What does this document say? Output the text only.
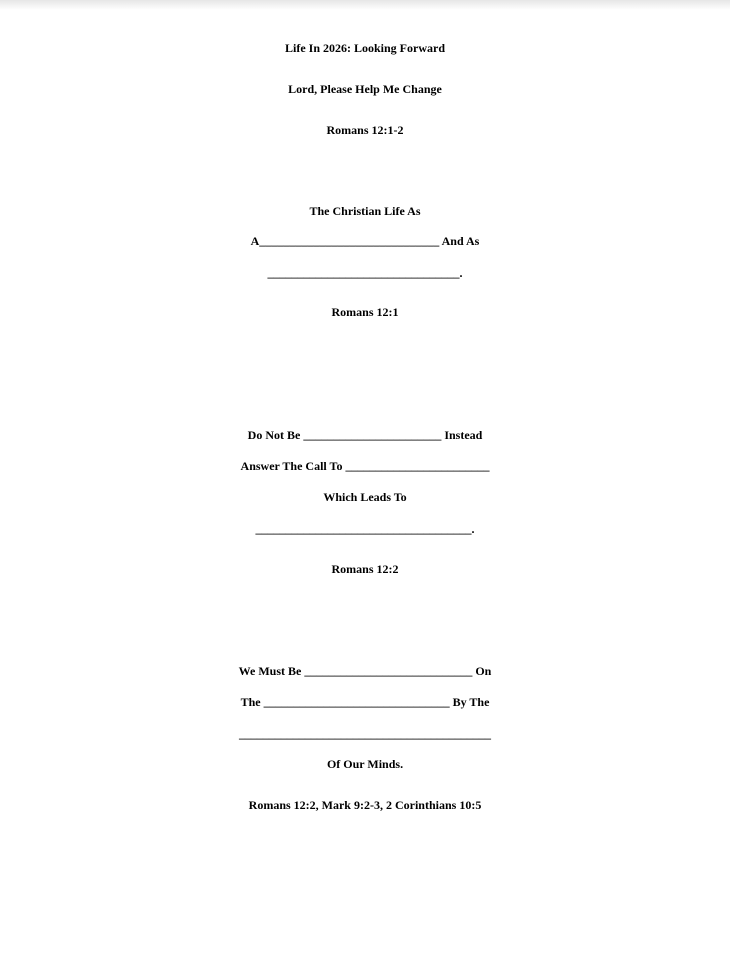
Life In 2026: Looking Forward
Lord, Please Help Me Change
Romans 12:1-2
The Christian Life As
A______________________________ And As
________________________________.
Romans 12:1
Do Not Be _______________________ Instead
Answer The Call To ________________________
Which Leads To
____________________________________.
Romans 12:2
We Must Be ____________________________ On
The _______________________________ By The
__________________________________________
Of Our Minds.
Romans 12:2, Mark 9:2-3, 2 Corinthians 10:5
